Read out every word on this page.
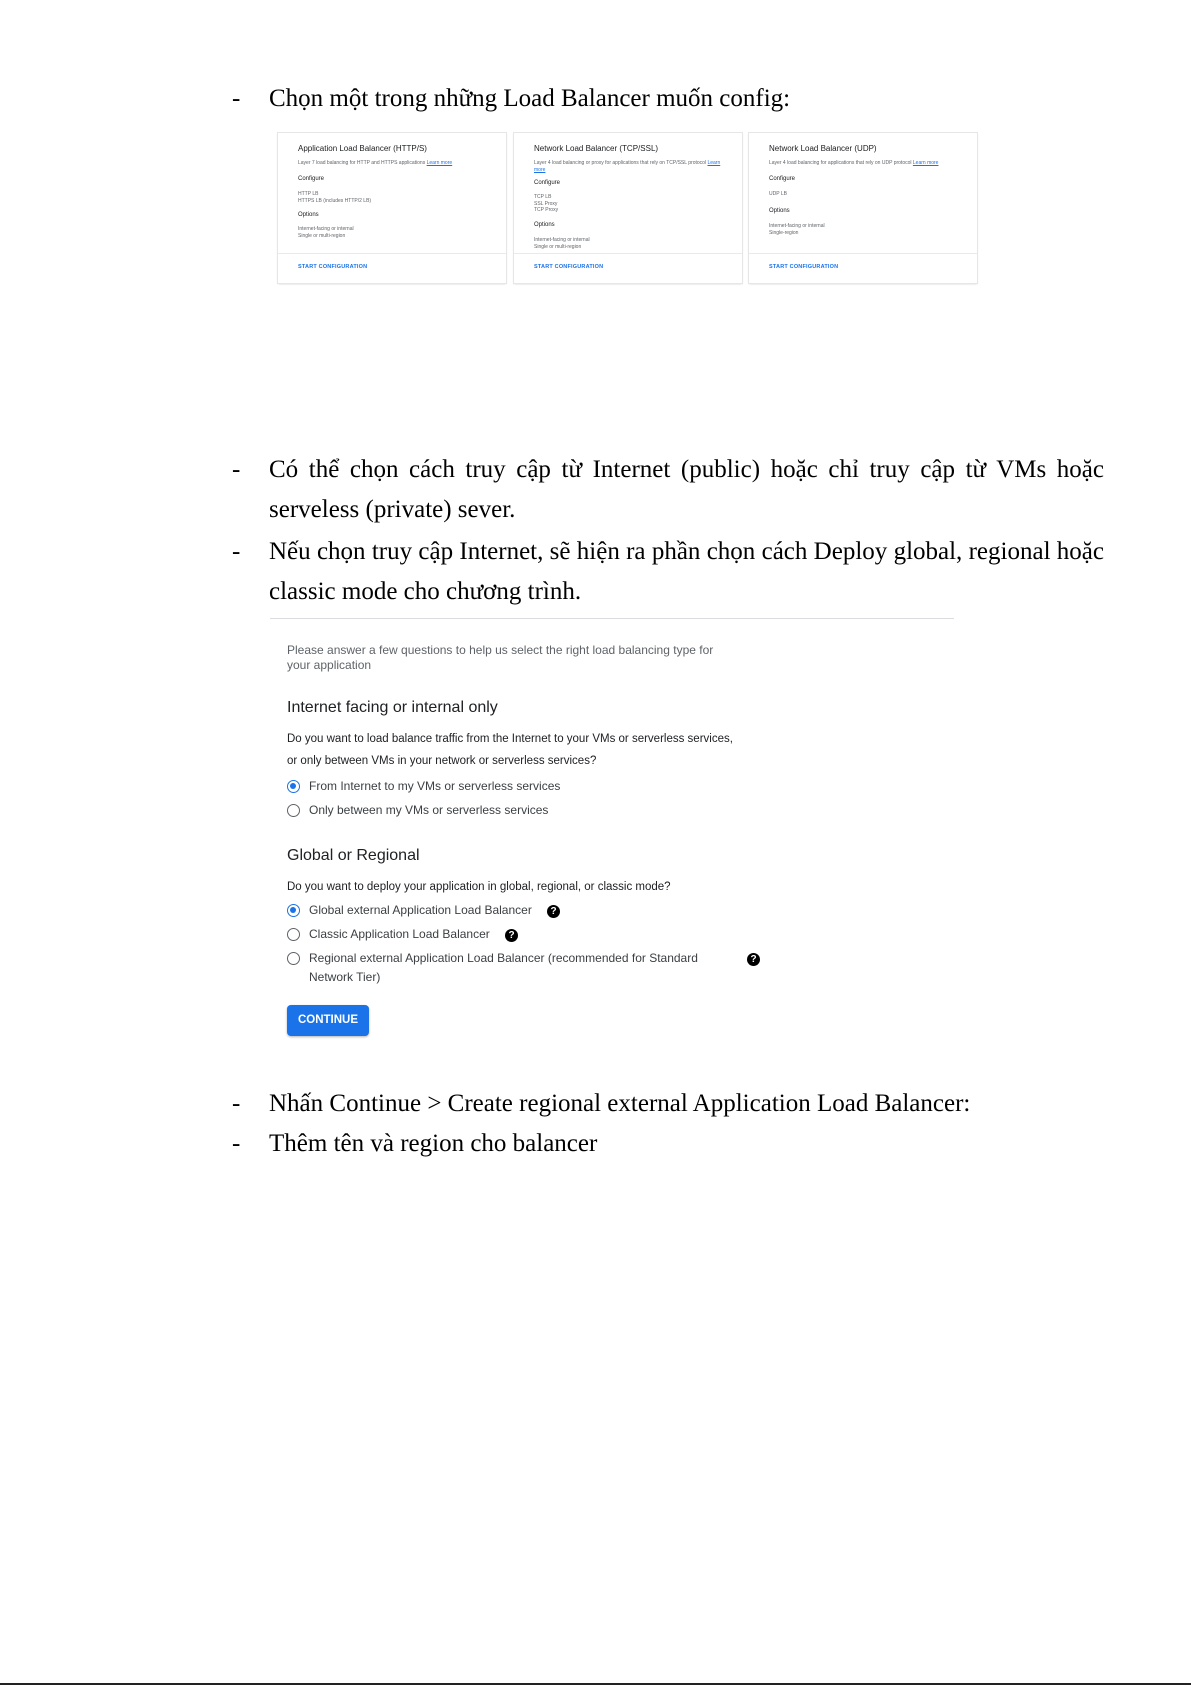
- Chọn một trong những Load Balancer muốn config:
Application Load Balancer (HTTP/S)
Layer 7 load balancing for HTTP and HTTPS applications Learn more
Configure
HTTP LB
HTTPS LB (includes HTTP/2 LB)
Options
Internet-facing or internal
Single or multi-region
START CONFIGURATION
Network Load Balancer (TCP/SSL)
Layer 4 load balancing or proxy for applications that rely on TCP/SSL protocol Learn more
Configure
TCP LB
SSL Proxy
TCP Proxy
Options
Internet-facing or internal
Single or multi-region
START CONFIGURATION
Network Load Balancer (UDP)
Layer 4 load balancing for applications that rely on UDP protocol Learn more
Configure
UDP LB
Options
Internet-facing or internal
Single-region
START CONFIGURATION
- Có thể chọn cách truy cập từ Internet (public) hoặc chỉ truy cập từ VMs hoặc serveless (private) sever.
- Nếu chọn truy cập Internet, sẽ hiện ra phần chọn cách Deploy global, regional hoặc classic mode cho chương trình.
Please answer a few questions to help us select the right load balancing type for your application
Internet facing or internal only
Do you want to load balance traffic from the Internet to your VMs or serverless services,
or only between VMs in your network or serverless services?
From Internet to my VMs or serverless services
Only between my VMs or serverless services
Global or Regional
Do you want to deploy your application in global, regional, or classic mode?
Global external Application Load Balancer	?
Classic Application Load Balancer	?
Regional external Application Load Balancer (recommended for Standard
Network Tier)
?
CONTINUE
- Nhấn Continue > Create regional external Application Load Balancer:
- Thêm tên và region cho balancer
